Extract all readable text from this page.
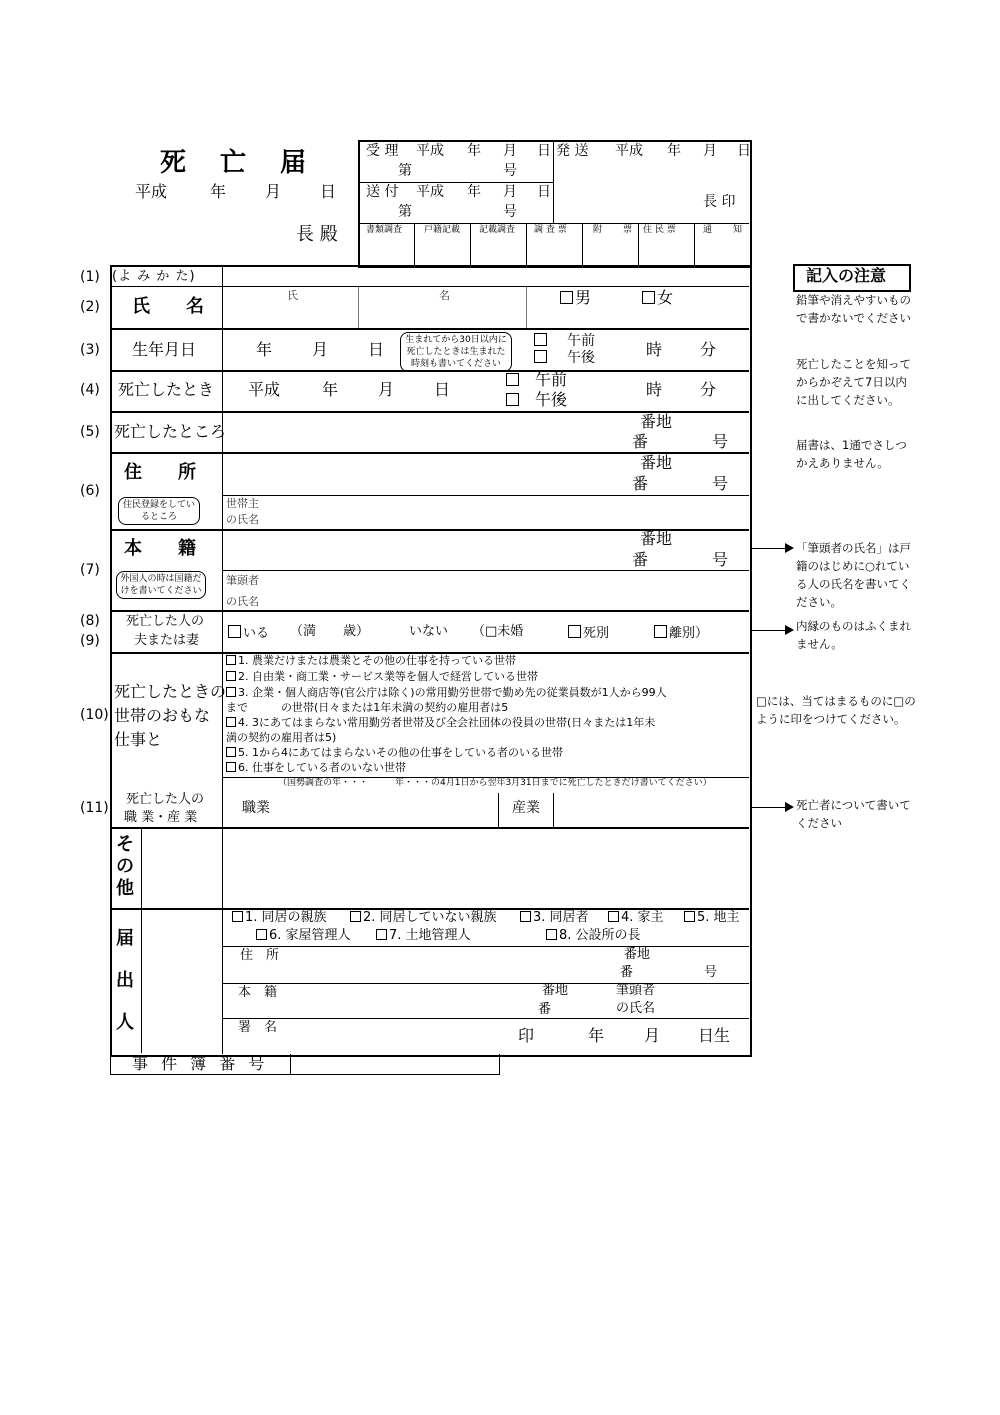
死　亡　届
平成	年 月 日
長 殿
受 理 平成 年 月 日
第	号
送 付 平成 年 月 日
第	号
発 送 平成 年 月 日
長 印
書類調査 戸籍記載 記載調査 調 査 票	附 票 住 民 票	通 知
(1) (よ み か た)
(2) 氏　　名
氏	名	男	女
(3) 生年月日	年 月 日	生まれてから30日以内に死亡したときは生まれた時刻も書いてください
午前
午後	時 分
(4) 死亡したとき 平成	年 月 日
午前
午後
時 分
(5) 死亡したところ
番地
番	号
(6)
住　　所
住民登録をしているところ
番地
番	号
世帯主
の氏名
(7)
本　　籍
外国人の時は国籍だけを書いてください
番地
番	号
筆頭者
の氏名
(8)
(9)
死亡した人の
夫または妻	いる （満 歳）	いない （□未婚	死別	離別）
(10)
死亡したときの
世帯のおもな
仕事と
1. 農業だけまたは農業とその他の仕事を持っている世帯
2. 自由業・商工業・サービス業等を個人で経営している世帯
3. 企業・個人商店等(官公庁は除く)の常用勤労世帯で勤め先の従業員数が1人から99人
まで　　　の世帯(日々または1年未満の契約の雇用者は5
4. 3にあてはまらない常用勤労者世帯及び全会社団体の役員の世帯(日々または1年未
満の契約の雇用者は5)
5. 1から4にあてはまらないその他の仕事をしている者のいる世帯
6. 仕事をしている者のいない世帯
(11)
死亡した人の
職 業・産 業
（国勢調査の年・・・　　　年・・・の4月1日から翌年3月31日までに死亡したときだけ書いてください）
職業	産業
そ
の
他
届
出
人
1. 同居の親族	2. 同居していない親族	3. 同居者	4. 家主	5. 地主
6. 家屋管理人	7. 土地管理人	8. 公設所の長
住　所	番地
番	号
本　籍	番地
番
筆頭者
の氏名
署　名	印	年 月 日生
事 件 簿 番 号
記入の注意
鉛筆や消えやすいもので書かないでください
死亡したことを知ってからかぞえて7日以内に出してください。
届書は、1通でさしつかえありません。
「筆頭者の氏名」は戸籍のはじめに○れている人の氏名を書いてください。
内縁のものはふくまれません。
□には、当てはまるものに□のように印をつけてください。
死亡者について書いてください
